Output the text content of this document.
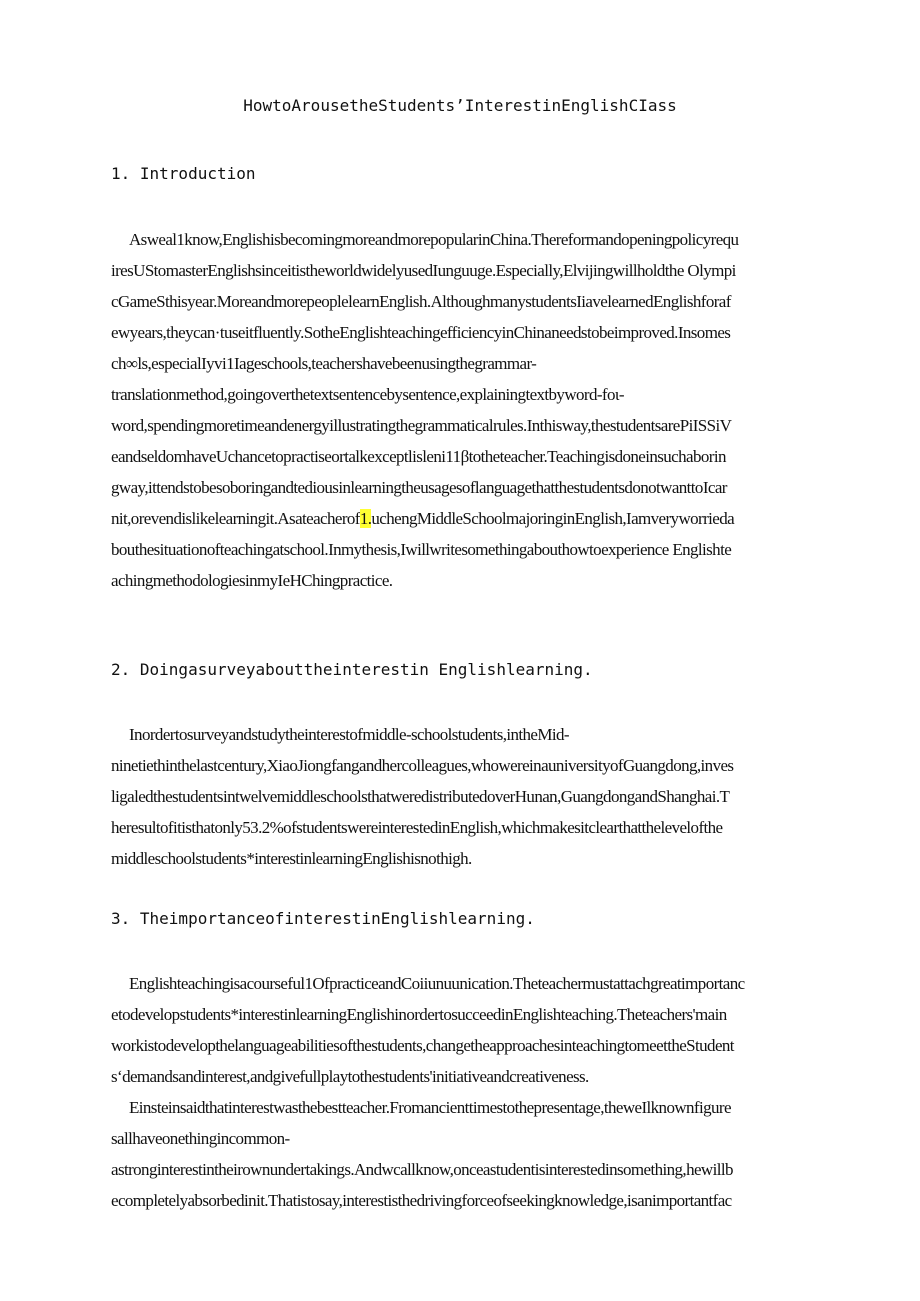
HowtoArousetheStudents’InterestinEnglishCIass
1. Introduction
Asweal1know,EnglishisbecomingmoreandmorepopularinChina.Thereformandopeningpolicyrequ
iresUStomasterEnglishsinceitistheworldwidelyusedIunguuge.Especially,Elvijingwillholdthe Olympi
cGameSthisyear.MoreandmorepeoplelearnEnglish.AlthoughmanystudentsIiavelearnedEnglishforaf
ewyears,theycan·tuseitfluently.SotheEnglishteachingefficiencyinChinaneedstobeimproved.Insomes
ch∞ls,especialIyvi1Iageschools,teachershavebeenusingthegrammar-
translationmethod,goingoverthetextsentencebysentence,explainingtextbyword-foι-
word,spendingmoretimeandenergyillustratingthegrammaticalrules.Inthisway,thestudentsarePiISSiV
eandseldomhaveUchancetopractiseortalkexceptlisleni11βtotheteacher.Teachingisdoneinsuchaborin
gway,ittendstobesoboringandtediousinlearningtheusagesoflanguagethatthestudentsdonotwanttoIcar
nit,orevendislikelearningit.Asateacherof1.uchengMiddleSchoolmajoringinEnglish,Iamveryworrieda
bouthesituationofteachingatschool.Inmythesis,Iwillwritesomethingabouthowtoexperience Englishte
achingmethodologiesinmyIeHChingpractice.
2. Doingasurveyabouttheinterestin Englishlearning.
Inordertosurveyandstudytheinterestofmiddle-schoolstudents,intheMid-
ninetiethinthelastcentury,XiaoJiongfangandhercolleagues,whowereinauniversityofGuangdong,inves
ligaledthestudentsintwelvemiddleschoolsthatweredistributedoverHunan,GuangdongandShanghai.T
heresultofitisthatonly53.2%ofstudentswereinterestedinEnglish,whichmakesitclearthatthelevelofthe
middleschoolstudents*interestinlearningEnglishisnothigh.
3. TheimportanceofinterestinEnglishlearning.
Englishteachingisacourseful1OfpracticeandCoiiunuunication.Theteachermustattachgreatimportanc
etodevelopstudents*interestinlearningEnglishinordertosucceedinEnglishteaching.Theteachers'main
workistodevelopthelanguageabilitiesofthestudents,changetheapproachesinteachingtomeettheStudent
sʻdemandsandinterest,andgivefullplaytothestudents'initiativeandcreativeness.
Einsteinsaidthatinterestwasthebestteacher.Fromancienttimestothepresentage,theweIlknownfigure
sallhaveonethingincommon-
astronginterestintheirownundertakings.Andwcallknow,onceastudentisinterestedinsomething,hewillb
ecompletelyabsorbedinit.Thatistosay,interestisthedrivingforceofseekingknowledge,isanimportantfac
